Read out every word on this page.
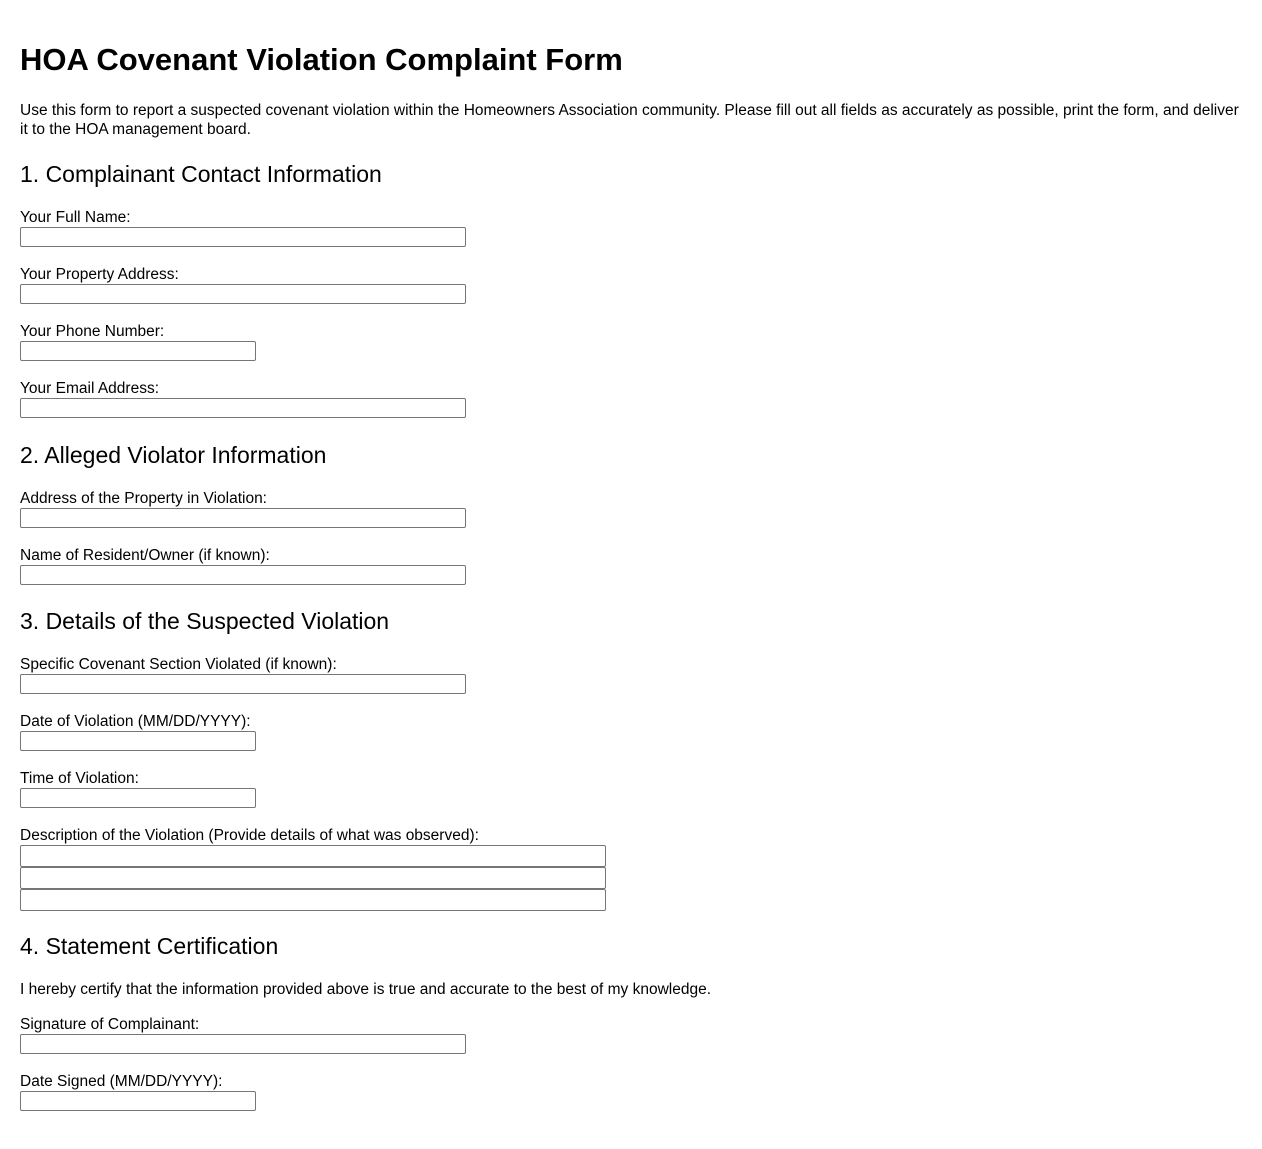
HOA Covenant Violation Complaint Form

Use this form to report a suspected covenant violation within the Homeowners Association community. Please fill out all fields as accurately as possible, print the form, and deliver it to the HOA management board.

1. Complainant Contact Information
Your Full Name:
Your Property Address:
Your Phone Number:
Your Email Address:
2. Alleged Violator Information
Address of the Property in Violation:
Name of Resident/Owner (if known):
3. Details of the Suspected Violation
Specific Covenant Section Violated (if known):
Date of Violation (MM/DD/YYYY):
Time of Violation:
Description of the Violation (Provide details of what was observed):
4. Statement Certification
I hereby certify that the information provided above is true and accurate to the best of my knowledge.
Signature of Complainant:
Date Signed (MM/DD/YYYY):
